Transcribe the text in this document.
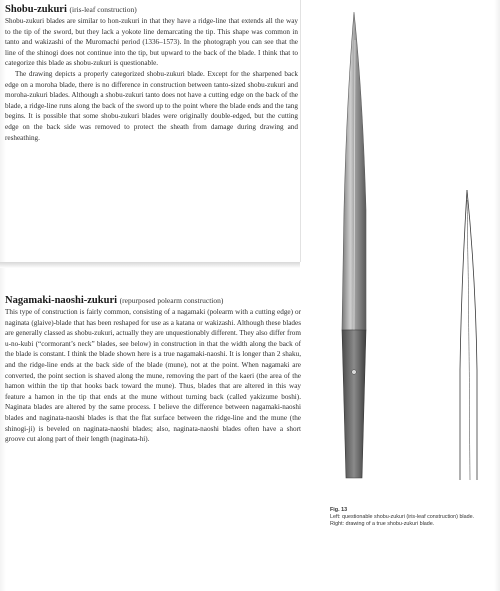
Shobu-zukuri (iris-leaf construction)

Shobu-zukuri blades are similar to hon-zukuri in that they have a ridge-line that extends all the way to the tip of the sword, but they lack a yokote line demarcating the tip. This shape was common in tanto and wakizashi of the Muromachi period (1336–1573). In the photograph you can see that the line of the shinogi does not continue into the tip, but upward to the back of the blade. I think that to categorize this blade as shobu-zukuri is questionable.

The drawing depicts a properly categorized shobu-zukuri blade. Except for the sharpened back edge on a moroha blade, there is no difference in construction between tanto-sized shobu-zukuri and moroha-zukuri blades. Although a shobu-zukuri tanto does not have a cutting edge on the back of the blade, a ridge-line runs along the back of the sword up to the point where the blade ends and the tang begins. It is possible that some shobu-zukuri blades were originally double-edged, but the cutting edge on the back side was removed to protect the sheath from damage during drawing and resheathing.

Nagamaki-naoshi-zukuri (repurposed polearm construction)

This type of construction is fairly common, consisting of a nagamaki (polearm with a cutting edge) or naginata (glaive)-blade that has been reshaped for use as a katana or wakizashi. Although these blades are generally classed as shobu-zukuri, actually they are unquestionably different. They also differ from u-no-kubi (“cormorant’s neck” blades, see below) in construction in that the width along the back of the blade is constant. I think the blade shown here is a true nagamaki-naoshi. It is longer than 2 shaku, and the ridge-line ends at the back side of the blade (mune), not at the point. When nagamaki are converted, the point section is shaved along the mune, removing the part of the kaeri (the area of the hamon within the tip that hooks back toward the mune). Thus, blades that are altered in this way feature a hamon in the tip that ends at the mune without turning back (called yakizume boshi). Naginata blades are altered by the same process. I believe the difference between nagamaki-naoshi blades and naginata-naoshi blades is that the flat surface between the ridge-line and the mune (the shinogi-ji) is beveled on naginata-naoshi blades; also, naginata-naoshi blades often have a short groove cut along part of their length (naginata-hi).

Fig. 13
Left: questionable shobu-zukuri (iris-leaf construction) blade.
Right: drawing of a true shobu-zukuri blade.
